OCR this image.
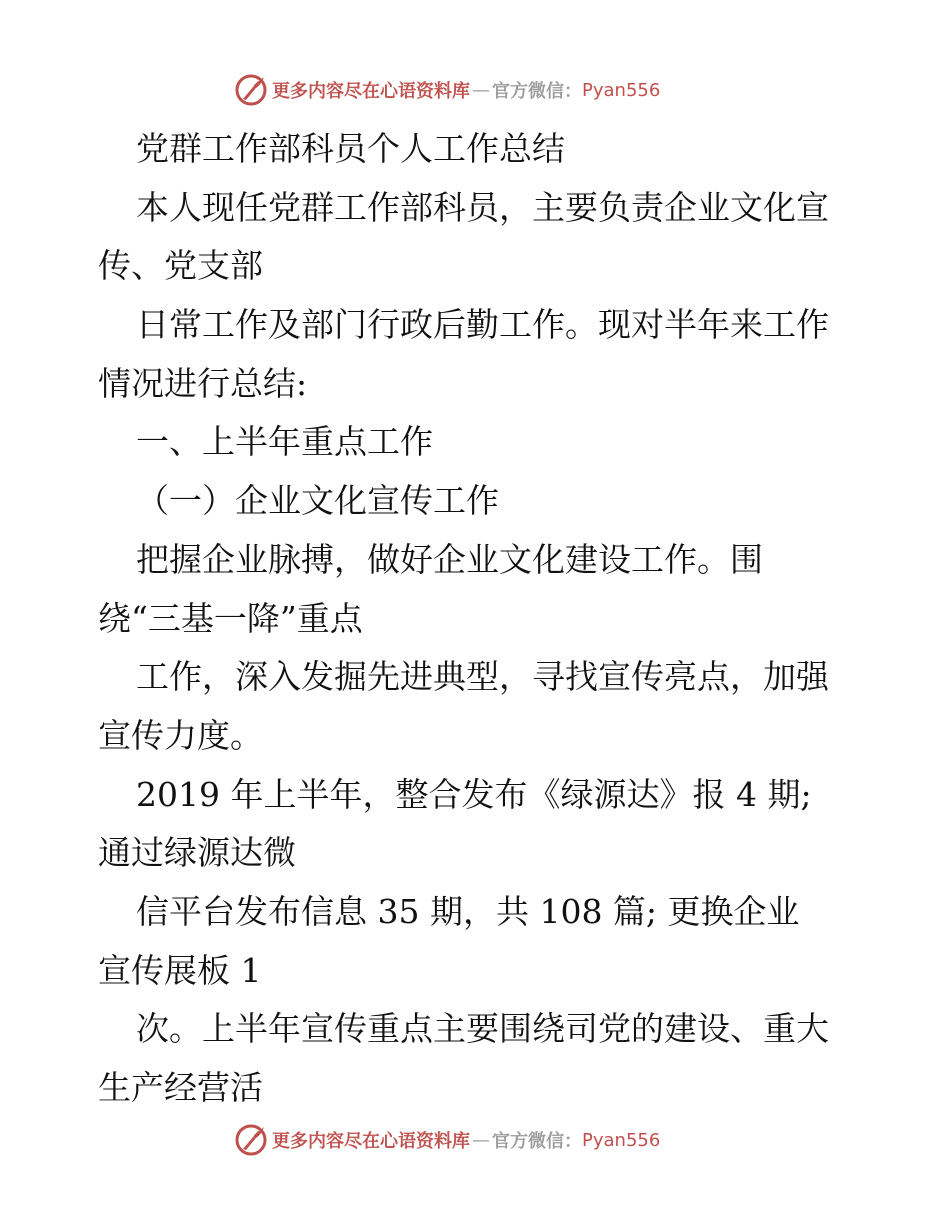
更多内容尽在心语资料库 — 官方微信： Pyan556
党群工作部科员个人工作总结
本人现任党群工作部科员，主要负责企业文化宣
传、党支部
日常工作及部门行政后勤工作。现对半年来工作
情况进行总结:
一、上半年重点工作
（一）企业文化宣传工作
把握企业脉搏，做好企业文化建设工作。围
绕“三基一降”重点
工作，深入发掘先进典型，寻找宣传亮点，加强
宣传力度。
2019 年上半年，整合发布《绿源达》报 4 期;
通过绿源达微
信平台发布信息 35 期，共 108 篇; 更换企业
宣传展板 1
次。上半年宣传重点主要围绕司党的建设、重大
生产经营活
更多内容尽在心语资料库 — 官方微信： Pyan556
